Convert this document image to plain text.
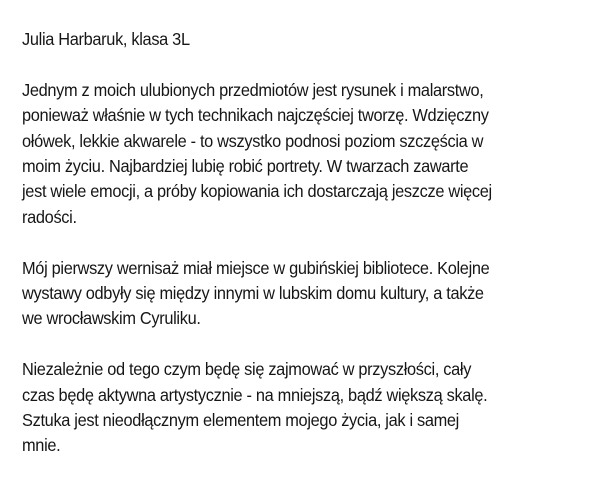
Julia Harbaruk, klasa 3L
Jednym z moich ulubionych przedmiotów jest rysunek i malarstwo,
ponieważ właśnie w tych technikach najczęściej tworzę. Wdzięczny
ołówek, lekkie akwarele - to wszystko podnosi poziom szczęścia w
moim życiu. Najbardziej lubię robić portrety. W twarzach zawarte
jest wiele emocji, a próby kopiowania ich dostarczają jeszcze więcej
radości.
Mój pierwszy wernisaż miał miejsce w gubińskiej bibliotece. Kolejne
wystawy odbyły się między innymi w lubskim domu kultury, a także
we wrocławskim Cyruliku.
Niezależnie od tego czym będę się zajmować w przyszłości, cały
czas będę aktywna artystycznie - na mniejszą, bądź większą skalę.
Sztuka jest nieodłącznym elementem mojego życia, jak i samej
mnie.
